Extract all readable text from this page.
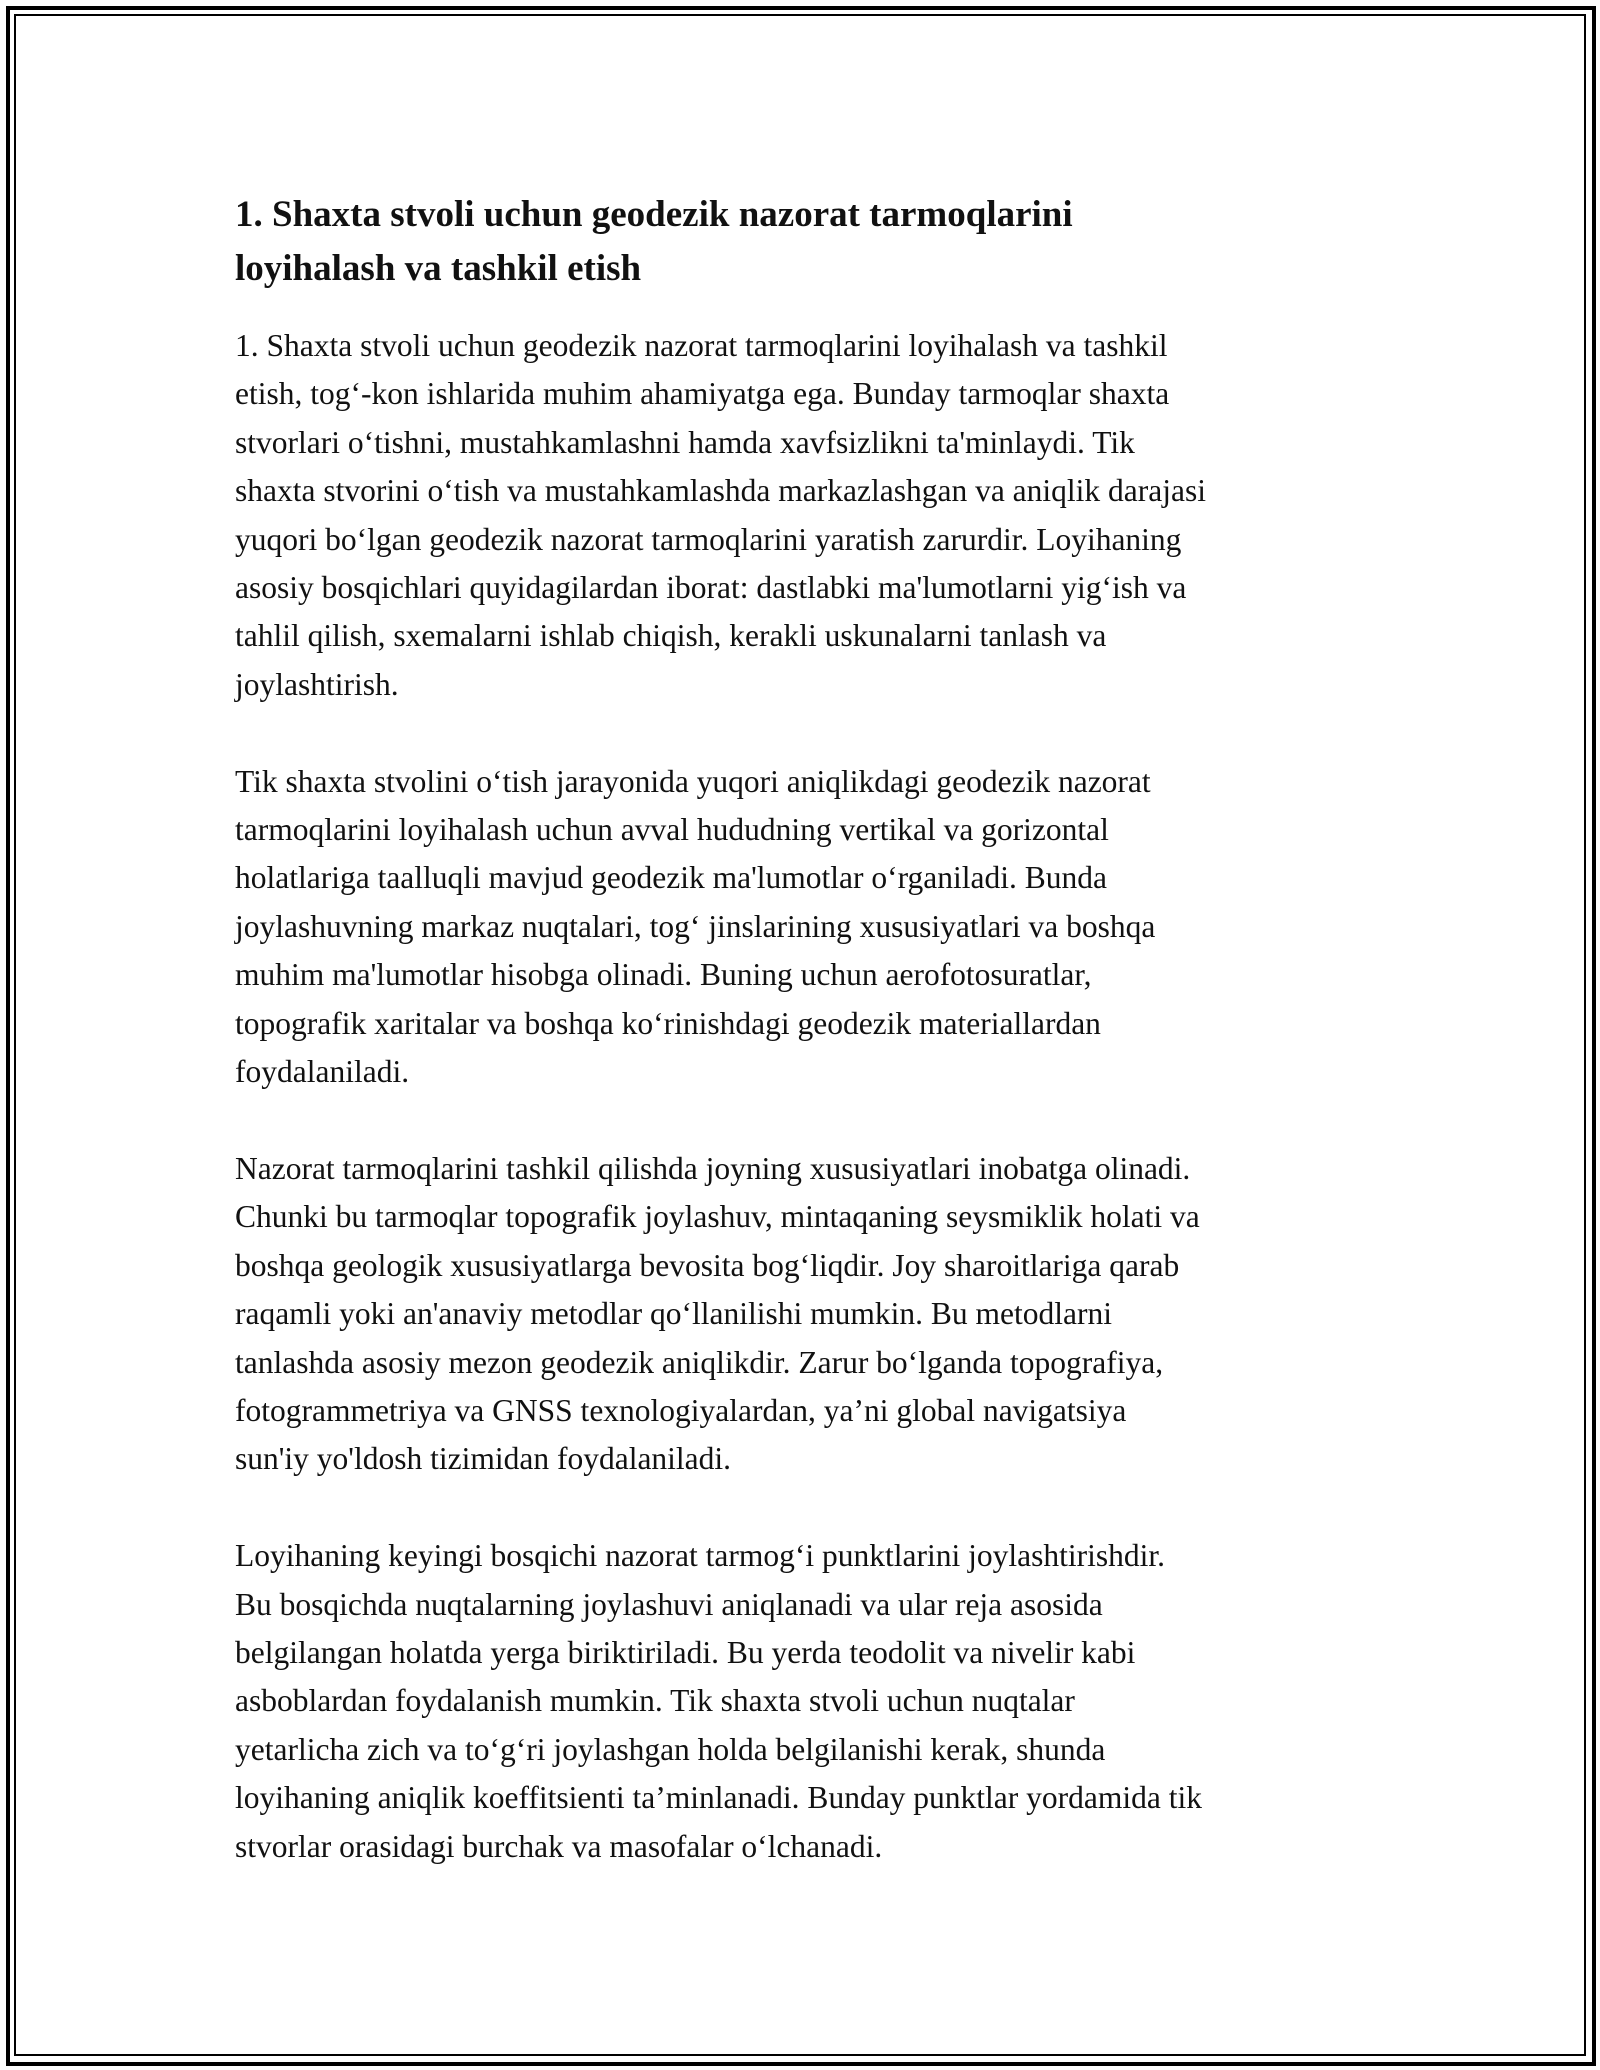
1. Shaxta stvoli uchun geodezik nazorat tarmoqlarini
loyihalash va tashkil etish

1. Shaxta stvoli uchun geodezik nazorat tarmoqlarini loyihalash va tashkil
etish, tog‘-kon ishlarida muhim ahamiyatga ega. Bunday tarmoqlar shaxta
stvorlari o‘tishni, mustahkamlashni hamda xavfsizlikni ta'minlaydi. Tik
shaxta stvorini o‘tish va mustahkamlashda markazlashgan va aniqlik darajasi
yuqori bo‘lgan geodezik nazorat tarmoqlarini yaratish zarurdir. Loyihaning
asosiy bosqichlari quyidagilardan iborat: dastlabki ma'lumotlarni yig‘ish va
tahlil qilish, sxemalarni ishlab chiqish, kerakli uskunalarni tanlash va
joylashtirish.

Tik shaxta stvolini o‘tish jarayonida yuqori aniqlikdagi geodezik nazorat
tarmoqlarini loyihalash uchun avval hududning vertikal va gorizontal
holatlariga taalluqli mavjud geodezik ma'lumotlar o‘rganiladi. Bunda
joylashuvning markaz nuqtalari, tog‘ jinslarining xususiyatlari va boshqa
muhim ma'lumotlar hisobga olinadi. Buning uchun aerofotosuratlar,
topografik xaritalar va boshqa ko‘rinishdagi geodezik materiallardan
foydalaniladi.

Nazorat tarmoqlarini tashkil qilishda joyning xususiyatlari inobatga olinadi.
Chunki bu tarmoqlar topografik joylashuv, mintaqaning seysmiklik holati va
boshqa geologik xususiyatlarga bevosita bog‘liqdir. Joy sharoitlariga qarab
raqamli yoki an'anaviy metodlar qo‘llanilishi mumkin. Bu metodlarni
tanlashda asosiy mezon geodezik aniqlikdir. Zarur bo‘lganda topografiya,
fotogrammetriya va GNSS texnologiyalardan, ya’ni global navigatsiya
sun'iy yo'ldosh tizimidan foydalaniladi.

Loyihaning keyingi bosqichi nazorat tarmog‘i punktlarini joylashtirishdir.
Bu bosqichda nuqtalarning joylashuvi aniqlanadi va ular reja asosida
belgilangan holatda yerga biriktiriladi. Bu yerda teodolit va nivelir kabi
asboblardan foydalanish mumkin. Tik shaxta stvoli uchun nuqtalar
yetarlicha zich va to‘g‘ri joylashgan holda belgilanishi kerak, shunda
loyihaning aniqlik koeffitsienti ta’minlanadi. Bunday punktlar yordamida tik
stvorlar orasidagi burchak va masofalar o‘lchanadi.
